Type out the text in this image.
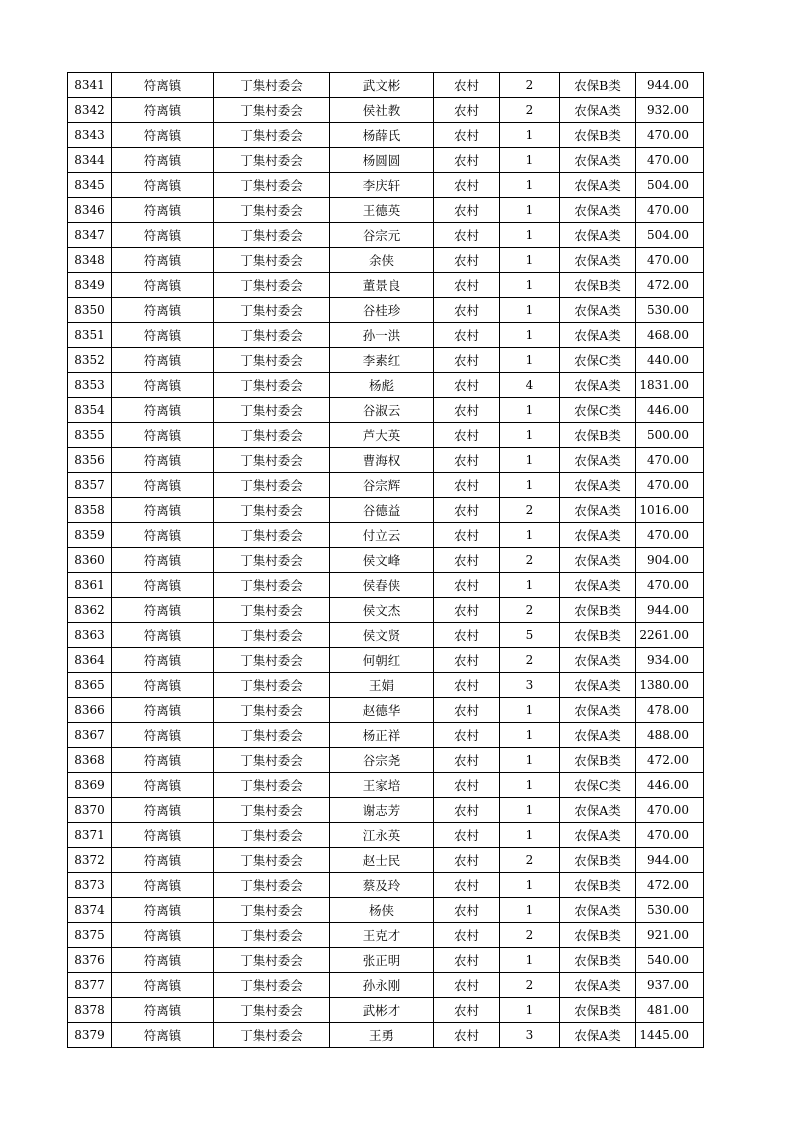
8341	符离镇	丁集村委会	武文彬	农村	2	农保B类	944.00
8342	符离镇	丁集村委会	侯社教	农村	2	农保A类	932.00
8343	符离镇	丁集村委会	杨薛氏	农村	1	农保B类	470.00
8344	符离镇	丁集村委会	杨圆圆	农村	1	农保A类	470.00
8345	符离镇	丁集村委会	李庆轩	农村	1	农保A类	504.00
8346	符离镇	丁集村委会	王德英	农村	1	农保A类	470.00
8347	符离镇	丁集村委会	谷宗元	农村	1	农保A类	504.00
8348	符离镇	丁集村委会	余侠	农村	1	农保A类	470.00
8349	符离镇	丁集村委会	董景良	农村	1	农保B类	472.00
8350	符离镇	丁集村委会	谷桂珍	农村	1	农保A类	530.00
8351	符离镇	丁集村委会	孙一洪	农村	1	农保A类	468.00
8352	符离镇	丁集村委会	李素红	农村	1	农保C类	440.00
8353	符离镇	丁集村委会	杨彪	农村	4	农保A类	1831.00
8354	符离镇	丁集村委会	谷淑云	农村	1	农保C类	446.00
8355	符离镇	丁集村委会	芦大英	农村	1	农保B类	500.00
8356	符离镇	丁集村委会	曹海权	农村	1	农保A类	470.00
8357	符离镇	丁集村委会	谷宗辉	农村	1	农保A类	470.00
8358	符离镇	丁集村委会	谷德益	农村	2	农保A类	1016.00
8359	符离镇	丁集村委会	付立云	农村	1	农保A类	470.00
8360	符离镇	丁集村委会	侯文峰	农村	2	农保A类	904.00
8361	符离镇	丁集村委会	侯春侠	农村	1	农保A类	470.00
8362	符离镇	丁集村委会	侯文杰	农村	2	农保B类	944.00
8363	符离镇	丁集村委会	侯文贤	农村	5	农保B类	2261.00
8364	符离镇	丁集村委会	何朝红	农村	2	农保A类	934.00
8365	符离镇	丁集村委会	王娟	农村	3	农保A类	1380.00
8366	符离镇	丁集村委会	赵德华	农村	1	农保A类	478.00
8367	符离镇	丁集村委会	杨正祥	农村	1	农保A类	488.00
8368	符离镇	丁集村委会	谷宗尧	农村	1	农保B类	472.00
8369	符离镇	丁集村委会	王家培	农村	1	农保C类	446.00
8370	符离镇	丁集村委会	谢志芳	农村	1	农保A类	470.00
8371	符离镇	丁集村委会	江永英	农村	1	农保A类	470.00
8372	符离镇	丁集村委会	赵士民	农村	2	农保B类	944.00
8373	符离镇	丁集村委会	蔡及玲	农村	1	农保B类	472.00
8374	符离镇	丁集村委会	杨侠	农村	1	农保A类	530.00
8375	符离镇	丁集村委会	王克才	农村	2	农保B类	921.00
8376	符离镇	丁集村委会	张正明	农村	1	农保B类	540.00
8377	符离镇	丁集村委会	孙永刚	农村	2	农保A类	937.00
8378	符离镇	丁集村委会	武彬才	农村	1	农保B类	481.00
8379	符离镇	丁集村委会	王勇	农村	3	农保A类	1445.00
